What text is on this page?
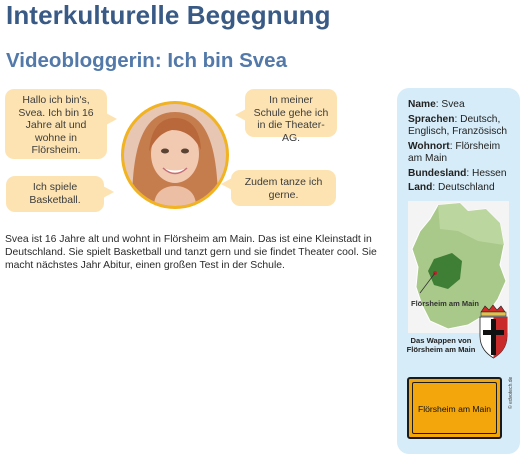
Interkulturelle Begegnung
Videobloggerin: Ich bin Svea
Hallo ich bin's, Svea. Ich bin 16 Jahre alt und wohne in Flörsheim.
Ich spiele Basketball.
In meiner Schule gehe ich in die Theater-AG.
Zudem tanze ich gerne.

Svea ist 16 Jahre alt und wohnt in Flörsheim am Main. Das ist eine Kleinstadt in Deutschland. Sie spielt Basketball und tanzt gern und sie findet Theater cool. Sie macht nächstes Jahr Abitur, einen großen Test in der Schule.

Name: Svea
Sprachen: Deutsch, Englisch, Französisch
Wohnort: Flörsheim am Main
Bundesland: Hessen
Land: Deutschland
Flörsheim am Main
Das Wappen von Flörsheim am Main
Flörsheim am Main	© edvotech.de
